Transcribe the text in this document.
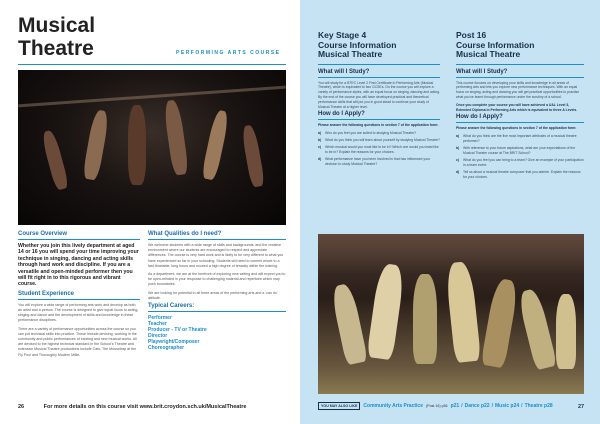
Musical
Theatre	PERFORMING ARTS COURSE
Course Overview
Whether you join this lively department at aged 14 or 16 you will spend your time improving your technique in singing, dancing and acting skills through hard work and discipline. If you are a versatile and open-minded performer then you will fit right in to this rigorous and vibrant course.
Student Experience

You will explore a wide range of performing arts work and develop as both an artist and a person. The course is designed to give equal focus to acting, singing and dance and the development of skills and knowledge in these performance disciplines.

There are a variety of performance opportunities across the course so you can put technical skills into practice. These include devising, working in the community and public performances of existing and new musical works. All are devised to the highest technical standard in the School's Theatre and extensive Musical Theatre productions include Cats, The Mousetrap at the Fly Pool and Thoroughly Modern Millie.

What Qualities do I need?

We welcome students with a wide range of skills and backgrounds, and the creative environment where our students are encouraged to respect and appreciate differences. The course is very hard work and is likely to be very different to what you have experienced so far in your schooling. Students will need to commit whole to a fast timetable, long hours and exceed a high degree of tenacity within the training.

As a department, we are at the forefront of exploring new writing and will expect you to be open-minded in your response to challenging material and repertoire which may push boundaries.

We are looking for potential in all three areas of the performing arts and a 'can do' attitude.

Typical Careers:
Performer
Teacher
Producer - TV or Theatre
Director
Playwright/Composer
Choreographer
26	For more details on this course visit www.brit.croydon.sch.uk/MusicalTheatre
Key Stage 4
Course Information
Musical Theatre
Post 16
Course Information
Musical Theatre
What will I Study?

You will study for a BTEC Level 2 First Certificate in Performing Arts (Musical Theatre), which is equivalent to two GCSEs. On the course you will explore a variety of performance styles, with an equal focus on singing, dancing and acting. By the end of the course you will have developed practical and theoretical performance skills that will put you in good stead to continue your study of Musical Theatre at a higher level.

How do I Apply?

Please answer the following questions in section 7 of the application form:

a) Who do you feel you are suited to studying Musical Theatre?
b) What do you think you will learn about yourself by studying Musical Theatre?
c) Which musical would you most like to be in? Which one would you least like to be in? Explain the reasons for your choices.
d) What performance have you been involved in that has influenced your decision to study Musical Theatre?
What will I Study?

This course focuses on developing your skills and knowledge in all areas of performing arts and lets you explore new performance techniques. With an equal focus on singing, acting and dancing you will get practical opportunities to practise what you've learnt through performance under the scrutiny of a school.

Once you complete your course you will have achieved a UAL Level 3, Extended Diploma in Performing Arts which is equivalent to three A Levels.

How do I Apply?

Please answer the following questions in section 7 of the application form:

a) What do you think are the five most important attributes of a musical theatre performer?
b) With reference to your future aspirations, what are your expectations of the Musical Theatre course at The BRIT School?
c) What do you feel you can bring to a team? Give an example of your participation in a team event.
d) Tell us about a musical theatre composer that you admire. Explain the reasons for your choices.
YOU MAY ALSO LIKE	Community Arts Practice (Post 16) p36 p21 / Dance p22 / Music p24 / Theatre p28	27
